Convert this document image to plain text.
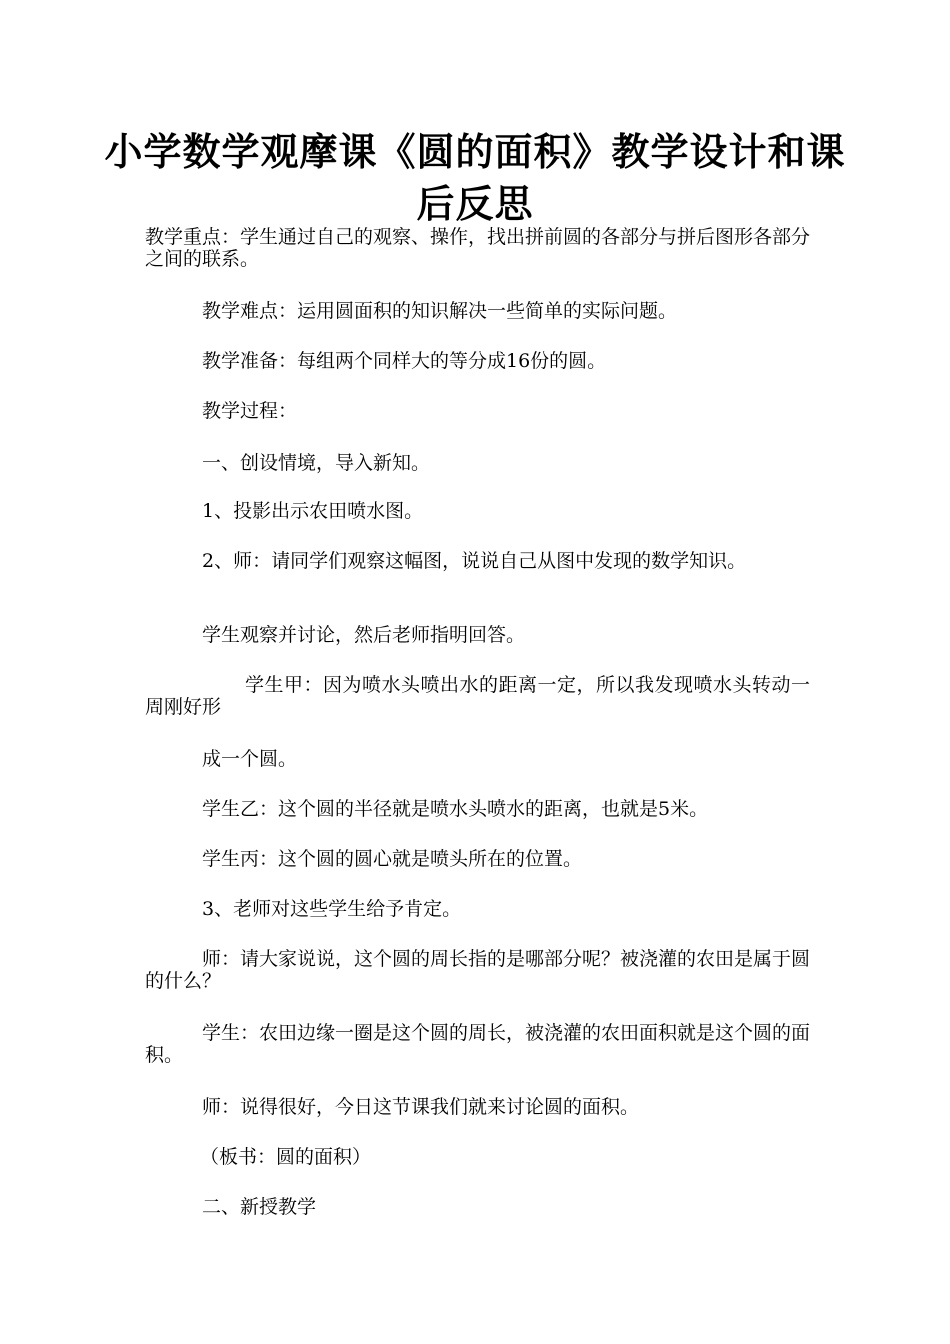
小学数学观摩课《圆的面积》教学设计和课后反思

教学重点：学生通过自己的观察、操作，找出拼前圆的各部分与拼后图形各部分之间的联系。

教学难点：运用圆面积的知识解决一些简单的实际问题。

教学准备：每组两个同样大的等分成16份的圆。

教学过程：

一、创设情境，导入新知。

1、投影出示农田喷水图。

2、师：请同学们观察这幅图，说说自己从图中发现的数学知识。

学生观察并讨论，然后老师指明回答。

学生甲：因为喷水头喷出水的距离一定，所以我发现喷水头转动一周刚好形

成一个圆。

学生乙：这个圆的半径就是喷水头喷水的距离，也就是5米。

学生丙：这个圆的圆心就是喷头所在的位置。

3、老师对这些学生给予肯定。

师：请大家说说，这个圆的周长指的是哪部分呢？被浇灌的农田是属于圆的什么？

学生：农田边缘一圈是这个圆的周长，被浇灌的农田面积就是这个圆的面积。

师：说得很好，今日这节课我们就来讨论圆的面积。

（板书：圆的面积）

二、新授教学
